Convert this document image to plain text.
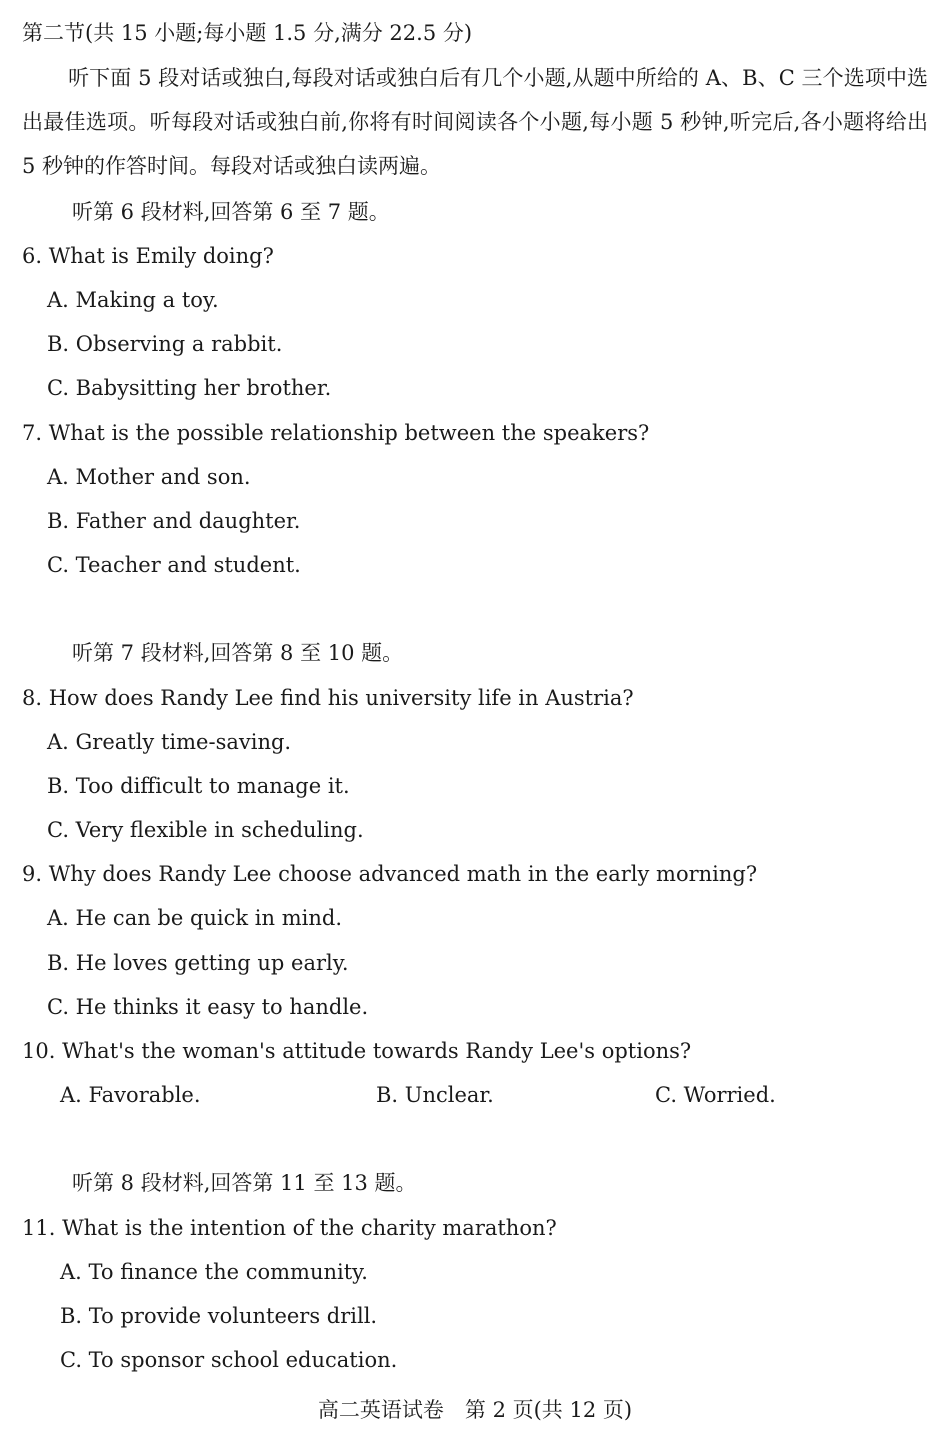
第二节(共 15 小题;每小题 1.5 分,满分 22.5 分)
听下面 5 段对话或独白,每段对话或独白后有几个小题,从题中所给的 A、B、C 三个选项中选出最佳选项。听每段对话或独白前,你将有时间阅读各个小题,每小题 5 秒钟,听完后,各小题将给出 5 秒钟的作答时间。每段对话或独白读两遍。
听第 6 段材料,回答第 6 至 7 题。
6. What is Emily doing?
A. Making a toy.
B. Observing a rabbit.
C. Babysitting her brother.
7. What is the possible relationship between the speakers?
A. Mother and son.
B. Father and daughter.
C. Teacher and student.
听第 7 段材料,回答第 8 至 10 题。
8. How does Randy Lee find his university life in Austria?
A. Greatly time-saving.
B. Too difficult to manage it.
C. Very flexible in scheduling.
9. Why does Randy Lee choose advanced math in the early morning?
A. He can be quick in mind.
B. He loves getting up early.
C. He thinks it easy to handle.
10. What's the woman's attitude towards Randy Lee's options?
A. Favorable.	B. Unclear.	C. Worried.
听第 8 段材料,回答第 11 至 13 题。
11. What is the intention of the charity marathon?
A. To finance the community.
B. To provide volunteers drill.
C. To sponsor school education.
高二英语试卷　第 2 页(共 12 页)
